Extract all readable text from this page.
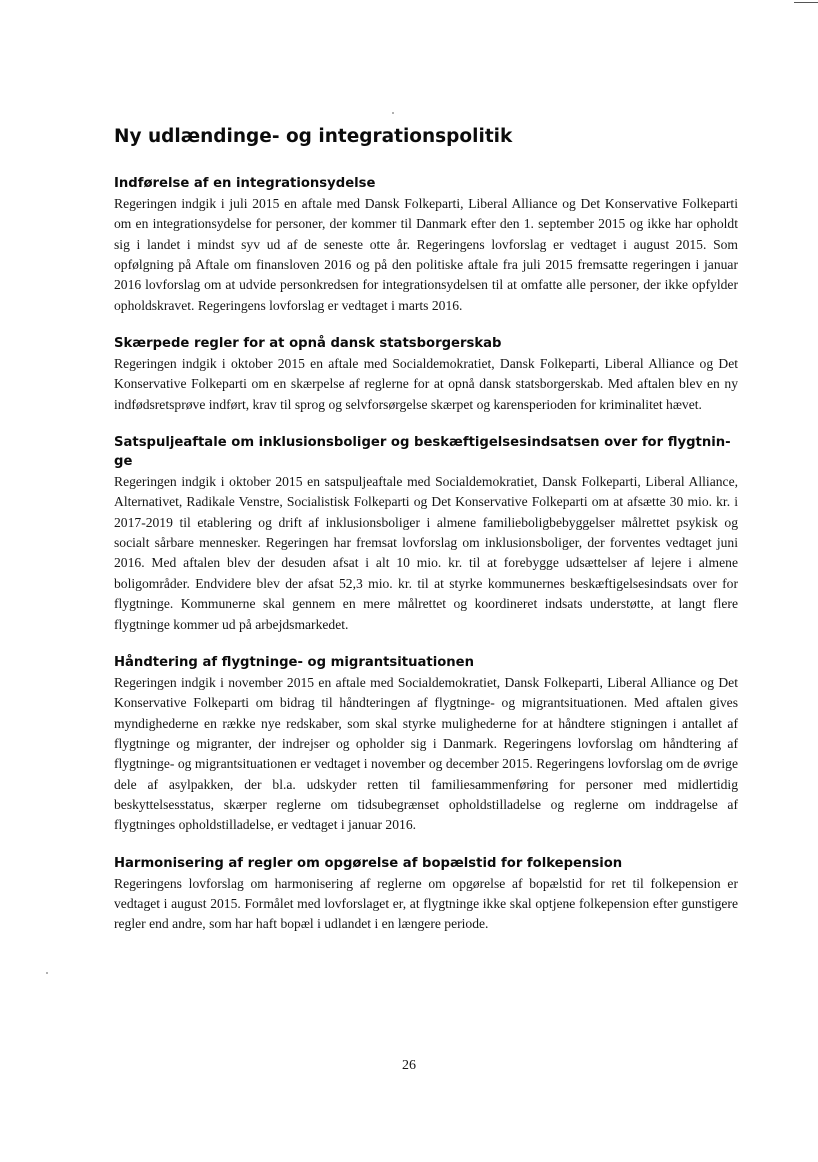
Ny udlændinge- og integrationspolitik
Indførelse af en integrationsydelse

Regeringen indgik i juli 2015 en aftale med Dansk Folkeparti, Liberal Alliance og Det Konservative Folkeparti om en integrationsydelse for personer, der kommer til Danmark efter den 1. september 2015 og ikke har opholdt sig i landet i mindst syv ud af de seneste otte år. Regeringens lovforslag er vedtaget i august 2015. Som opfølgning på Aftale om finansloven 2016 og på den politiske aftale fra juli 2015 fremsatte regeringen i januar 2016 lovforslag om at udvide personkredsen for integrationsydelsen til at omfatte alle personer, der ikke opfylder opholdskravet. Regeringens lovforslag er vedtaget i marts 2016.

Skærpede regler for at opnå dansk statsborgerskab

Regeringen indgik i oktober 2015 en aftale med Socialdemokratiet, Dansk Folkeparti, Liberal Alliance og Det Konservative Folkeparti om en skærpelse af reglerne for at opnå dansk statsborgerskab. Med aftalen blev en ny indfødsretsprøve indført, krav til sprog og selvforsørgelse skærpet og karensperioden for kriminalitet hævet.

Satspuljeaftale om inklusionsboliger og beskæftigelsesindsatsen over for flygtnin-ge

Regeringen indgik i oktober 2015 en satspuljeaftale med Socialdemokratiet, Dansk Folkeparti, Liberal Alliance, Alternativet, Radikale Venstre, Socialistisk Folkeparti og Det Konservative Folkeparti om at afsætte 30 mio. kr. i 2017-2019 til etablering og drift af inklusionsboliger i almene familieboligbebyggelser målrettet psykisk og socialt sårbare mennesker. Regeringen har fremsat lovforslag om inklusionsboliger, der forventes vedtaget juni 2016. Med aftalen blev der desuden afsat i alt 10 mio. kr. til at forebygge udsættelser af lejere i almene boligområder. Endvidere blev der afsat 52,3 mio. kr. til at styrke kommunernes beskæftigelsesindsats over for flygtninge. Kommunerne skal gennem en mere målrettet og koordineret indsats understøtte, at langt flere flygtninge kommer ud på arbejdsmarkedet.

Håndtering af flygtninge- og migrantsituationen

Regeringen indgik i november 2015 en aftale med Socialdemokratiet, Dansk Folkeparti, Liberal Alliance og Det Konservative Folkeparti om bidrag til håndteringen af flygtninge- og migrantsituationen. Med aftalen gives myndighederne en række nye redskaber, som skal styrke mulighederne for at håndtere stigningen i antallet af flygtninge og migranter, der indrejser og opholder sig i Danmark. Regeringens lovforslag om håndtering af flygtninge- og migrantsituationen er vedtaget i november og december 2015. Regeringens lovforslag om de øvrige dele af asylpakken, der bl.a. udskyder retten til familiesammenføring for personer med midlertidig beskyttelsesstatus, skærper reglerne om tidsubegrænset opholdstilladelse og reglerne om inddragelse af flygtninges opholdstilladelse, er vedtaget i januar 2016.

Harmonisering af regler om opgørelse af bopælstid for folkepension

Regeringens lovforslag om harmonisering af reglerne om opgørelse af bopælstid for ret til folkepension er vedtaget i august 2015. Formålet med lovforslaget er, at flygtninge ikke skal optjene folkepension efter gunstigere regler end andre, som har haft bopæl i udlandet i en længere periode.

26
